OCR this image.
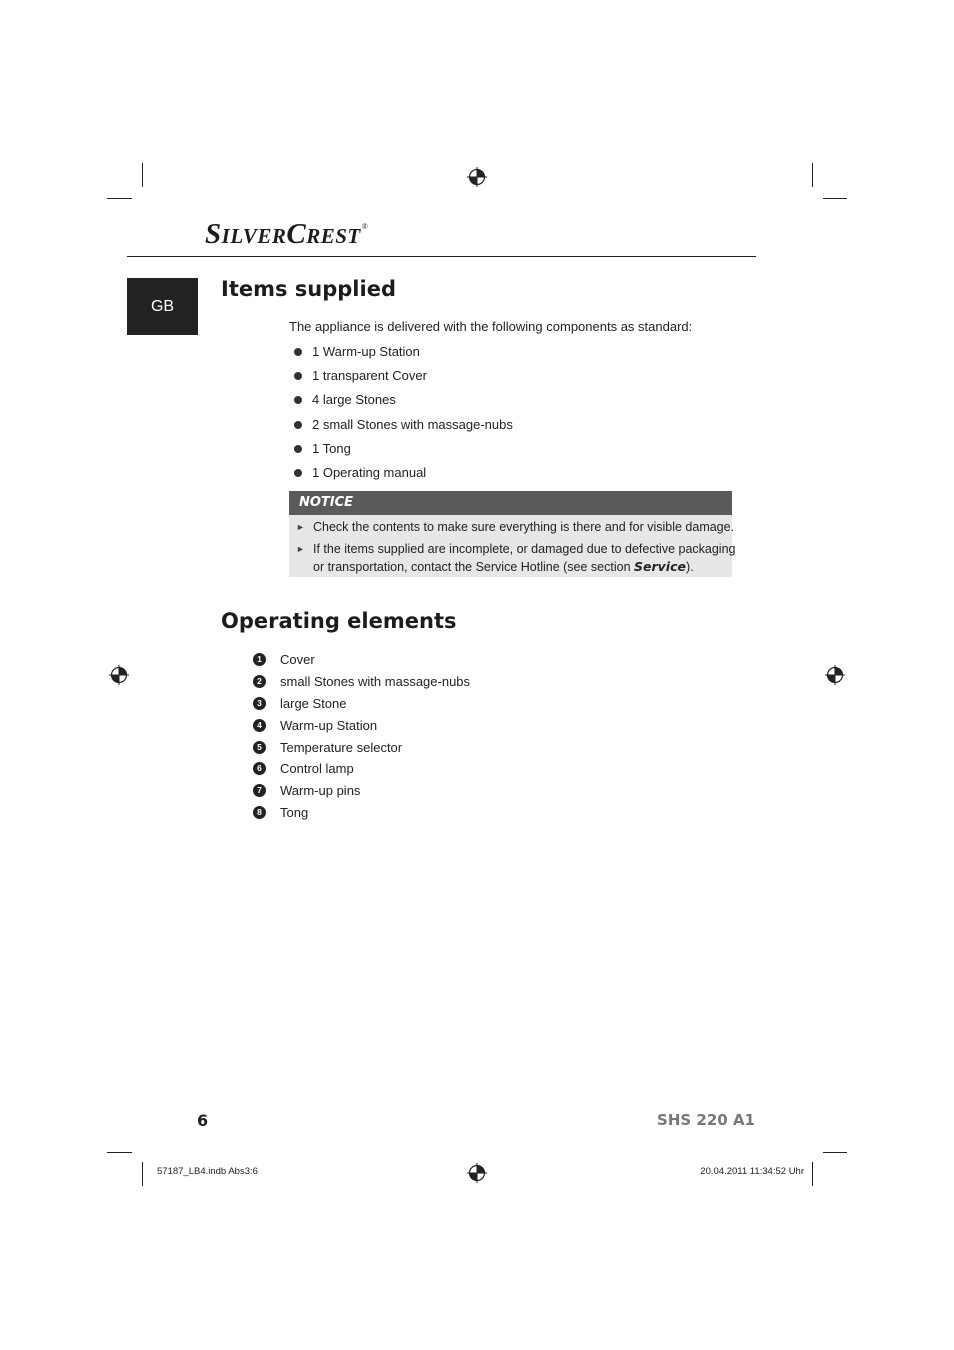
SILVERCREST®
GB
Items supplied
The appliance is delivered with the following components as standard:
1 Warm-up Station
1 transparent Cover
4 large Stones
2 small Stones with massage-nubs
1 Tong
1 Operating manual
NOTICE
► Check the contents to make sure everything is there and for visible damage.
► If the items supplied are incomplete, or damaged due to defective packaging
or transportation, contact the Service Hotline (see section Service).
Operating elements
1	Cover
2	small Stones with massage-nubs
3	large Stone
4	Warm-up Station
5	Temperature selector
6	Control lamp
7	Warm-up pins
8	Tong
6	SHS 220 A1
57187_LB4.indb Abs3:6	20.04.2011 11:34:52 Uhr
